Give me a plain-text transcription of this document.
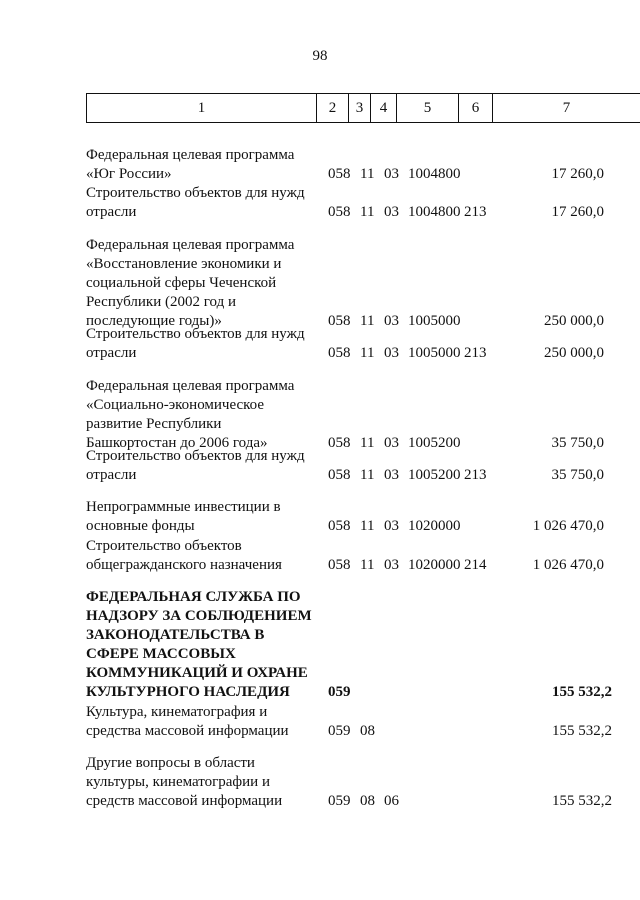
98
1	2	3	4	5	6	7
Федеральная целевая программа
«Юг России»	058 11 03 1004800	17 260,0
Строительство объектов для нужд
отрасли	058 11 03 1004800 213	17 260,0
Федеральная целевая программа
«Восстановление экономики и
социальной сферы Чеченской
Республики (2002 год и
последующие годы)»	058 11 03 1005000	250 000,0
Строительство объектов для нужд
отрасли	058 11 03 1005000 213	250 000,0
Федеральная целевая программа
«Социально-экономическое
развитие Республики
Башкортостан до 2006 года»	058 11 03 1005200	35 750,0
Строительство объектов для нужд
отрасли	058 11 03 1005200 213	35 750,0
Непрограммные инвестиции в
основные фонды	058 11 03 1020000	1 026 470,0
Строительство объектов
общегражданского назначения	058 11 03 1020000 214	1 026 470,0
ФЕДЕРАЛЬНАЯ СЛУЖБА ПО
НАДЗОРУ ЗА СОБЛЮДЕНИЕМ
ЗАКОНОДАТЕЛЬСТВА В
СФЕРЕ МАССОВЫХ
КОММУНИКАЦИЙ И ОХРАНЕ
КУЛЬТУРНОГО НАСЛЕДИЯ	059	155 532,2
Культура, кинематография и
средства массовой информации	059 08	155 532,2
Другие вопросы в области
культуры, кинематографии и
средств массовой информации	059 08 06	155 532,2
